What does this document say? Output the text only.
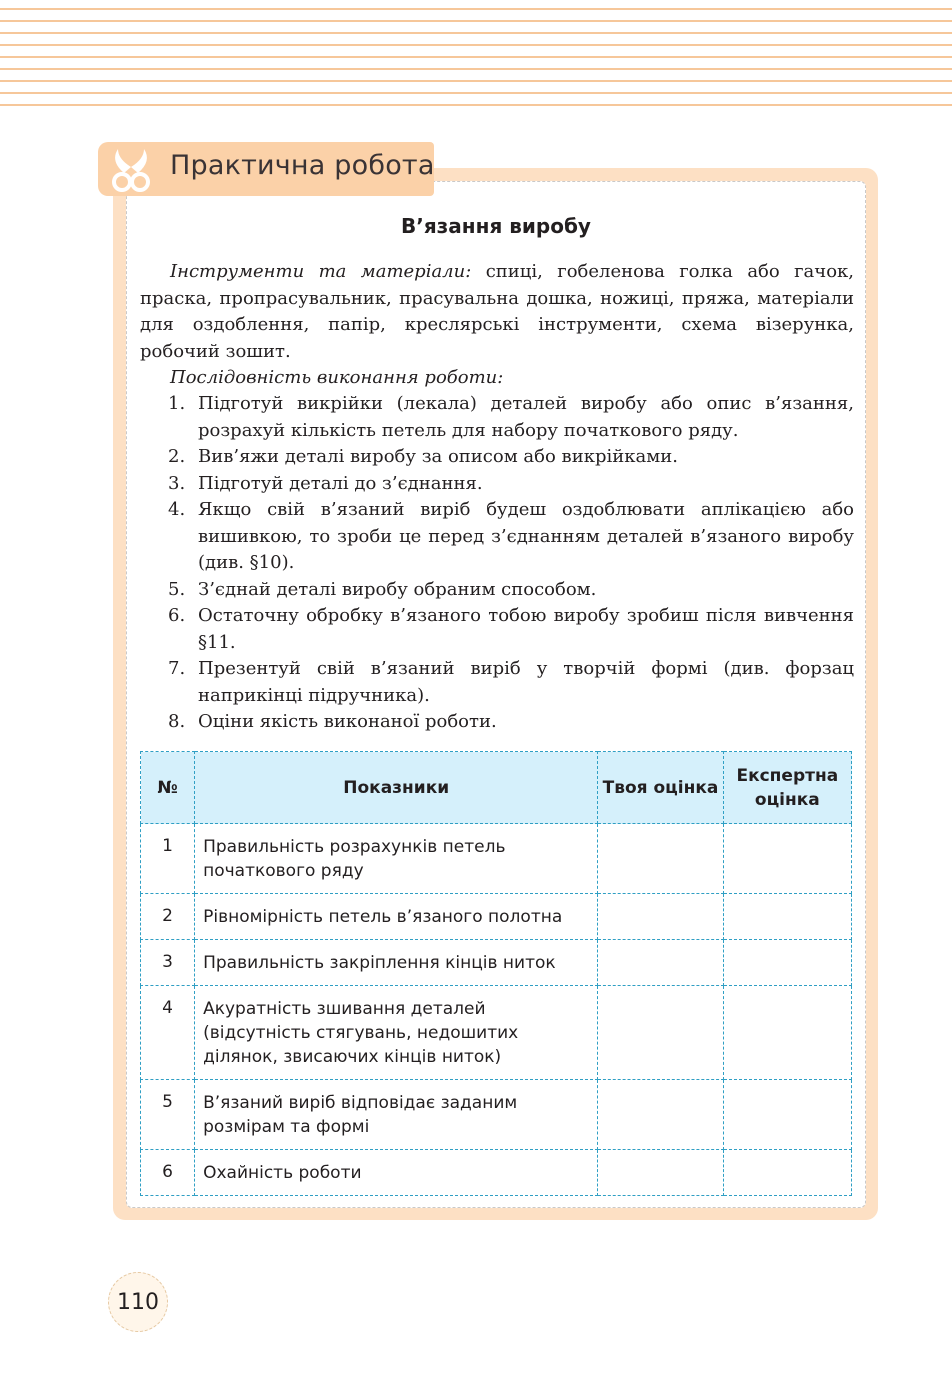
Практична робота
В’язання виробу
Інструменти та матеріали: спиці, гобеленова голка або гачок, праска, пропрасувальник, прасувальна дошка, ножиці, пряжа, матеріали для оздоблення, папір, креслярські інструменти, схема візерунка, робочий зошит.
Послідовність виконання роботи:
1. Підготуй викрійки (лекала) деталей виробу або опис в’язання, розрахуй кількість петель для набору початкового ряду.
2. Вив’яжи деталі виробу за описом або викрійками.
3. Підготуй деталі до з’єднання.
4. Якщо свій в’язаний виріб будеш оздоблювати аплікацією або вишивкою, то зроби це перед з’єднанням деталей в’язаного виробу (див. §10).
5. З’єднай деталі виробу обраним способом.
6. Остаточну обробку в’язаного тобою виробу зробиш після вивчення §11.
7. Презентуй свій в’язаний виріб у творчій формі (див. форзац наприкінці підручника).
8. Оціни якість виконаної роботи.
№	Показники	Твоя оцінка	Експертна оцінка
1	Правильність розрахунків петель початкового ряду		
2	Рівномірність петель в’язаного полотна		
3	Правильність закріплення кінців ниток		
4	Акуратність зшивання деталей (відсутність стягувань, недошитих ділянок, звисаючих кінців ниток)		
5	В’язаний виріб відповідає заданим розмірам та формі		
6	Охайність роботи		
110
